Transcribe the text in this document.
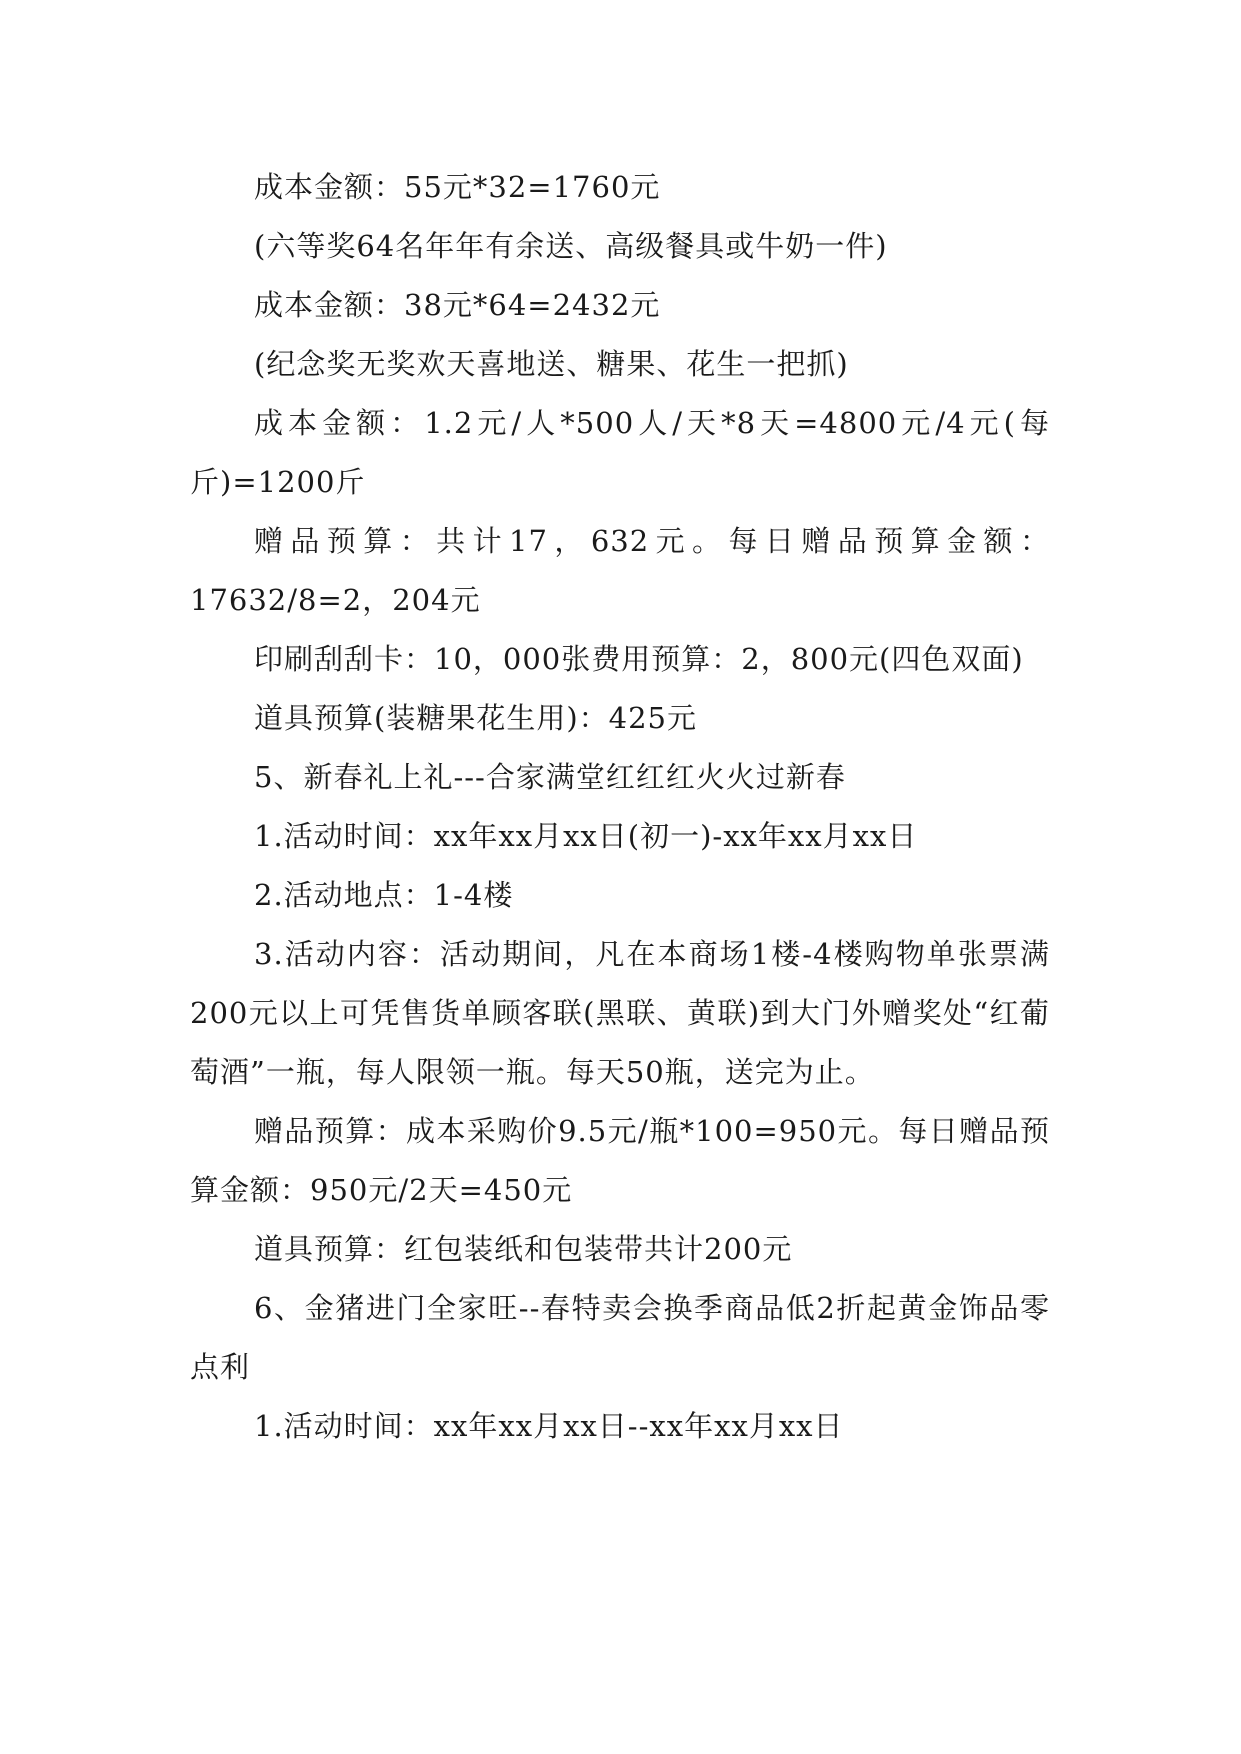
成本金额：55元*32=1760元

(六等奖64名年年有余送、高级餐具或牛奶一件)

成本金额：38元*64=2432元

(纪念奖无奖欢天喜地送、糖果、花生一把抓)

成本金额：1.2元/人*500人/天*8天=4800元/4元(每斤)=1200斤

赠品预算：共计17，632元。每日赠品预算金额：17632/8=2，204元

印刷刮刮卡：10，000张费用预算：2，800元(四色双面)

道具预算(装糖果花生用)：425元

5、新春礼上礼---合家满堂红红红火火过新春

1.活动时间：xx年xx月xx日(初一)-xx年xx月xx日

2.活动地点：1-4楼

3.活动内容：活动期间，凡在本商场1楼-4楼购物单张票满200元以上可凭售货单顾客联(黑联、黄联)到大门外赠奖处“红葡萄酒”一瓶，每人限领一瓶。每天50瓶，送完为止。

赠品预算：成本采购价9.5元/瓶*100=950元。每日赠品预算金额：950元/2天=450元

道具预算：红包装纸和包装带共计200元

6、金猪进门全家旺--春特卖会换季商品低2折起黄金饰品零点利

1.活动时间：xx年xx月xx日--xx年xx月xx日
